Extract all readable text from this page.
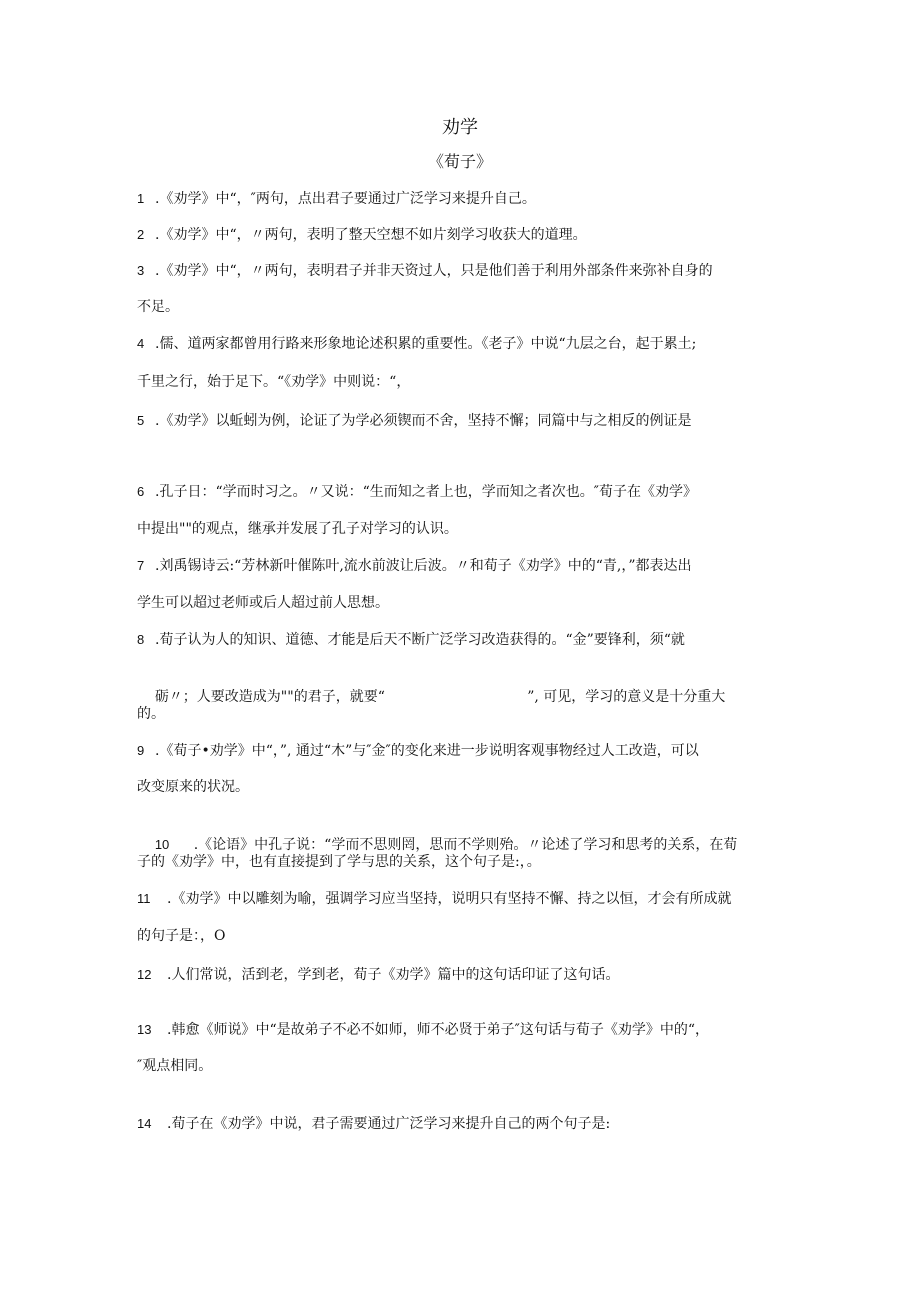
劝学
《荀子》
1 .《劝学》中“，″两句，点出君子要通过广泛学习来提升自己。
2 .《劝学》中“，〃两句，表明了整天空想不如片刻学习收获大的道理。
3 .《劝学》中“，〃两句，表明君子并非天资过人，只是他们善于利用外部条件来弥补自身的
不足。
4 .儒、道两家都曾用行路来形象地论述积累的重要性。《老子》中说“九层之台，起于累土;
千里之行，始于足下。“《劝学》中则说：“，
5 .《劝学》以蚯蚓为例，论证了为学必须锲而不舍，坚持不懈；同篇中与之相反的例证是
6 .孔子日：“学而时习之。〃又说：“生而知之者上也，学而知之者次也。″荀子在《劝学》
中提出""的观点，继承并发展了孔子对学习的认识。
7 .刘禹锡诗云:“芳林新叶催陈叶,流水前波让后波。〃和荀子《劝学》中的“青,，”都表达出
学生可以超过老师或后人超过前人思想。
8 .荀子认为人的知识、道德、才能是后天不断广泛学习改造获得的。“金”要锋利，须“就

砺〃；人要改造成为""的君子，就要“                                ”, 可见，学习的意义是十分重大

的。
9 .《荀子•劝学》中“，”, 通过“木”与″金″的变化来进一步说明客观事物经过人工改造，可以
改变原来的状况。

10  .《论语》中孔子说：“学而不思则罔，思而不学则殆。〃论述了学习和思考的关系，在荀

子的《劝学》中，也有直接提到了学与思的关系，这个句子是:，。
11 .《劝学》中以雕刻为喻，强调学习应当坚持，说明只有坚持不懈、持之以恒，才会有所成就
的句子是：，O
12 .人们常说，活到老，学到老，荀子《劝学》篇中的这句话印证了这句话。
13 .韩愈《师说》中“是故弟子不必不如师，师不必贤于弟子″这句话与荀子《劝学》中的“，
″观点相同。
14 .荀子在《劝学》中说，君子需要通过广泛学习来提升自己的两个句子是:
